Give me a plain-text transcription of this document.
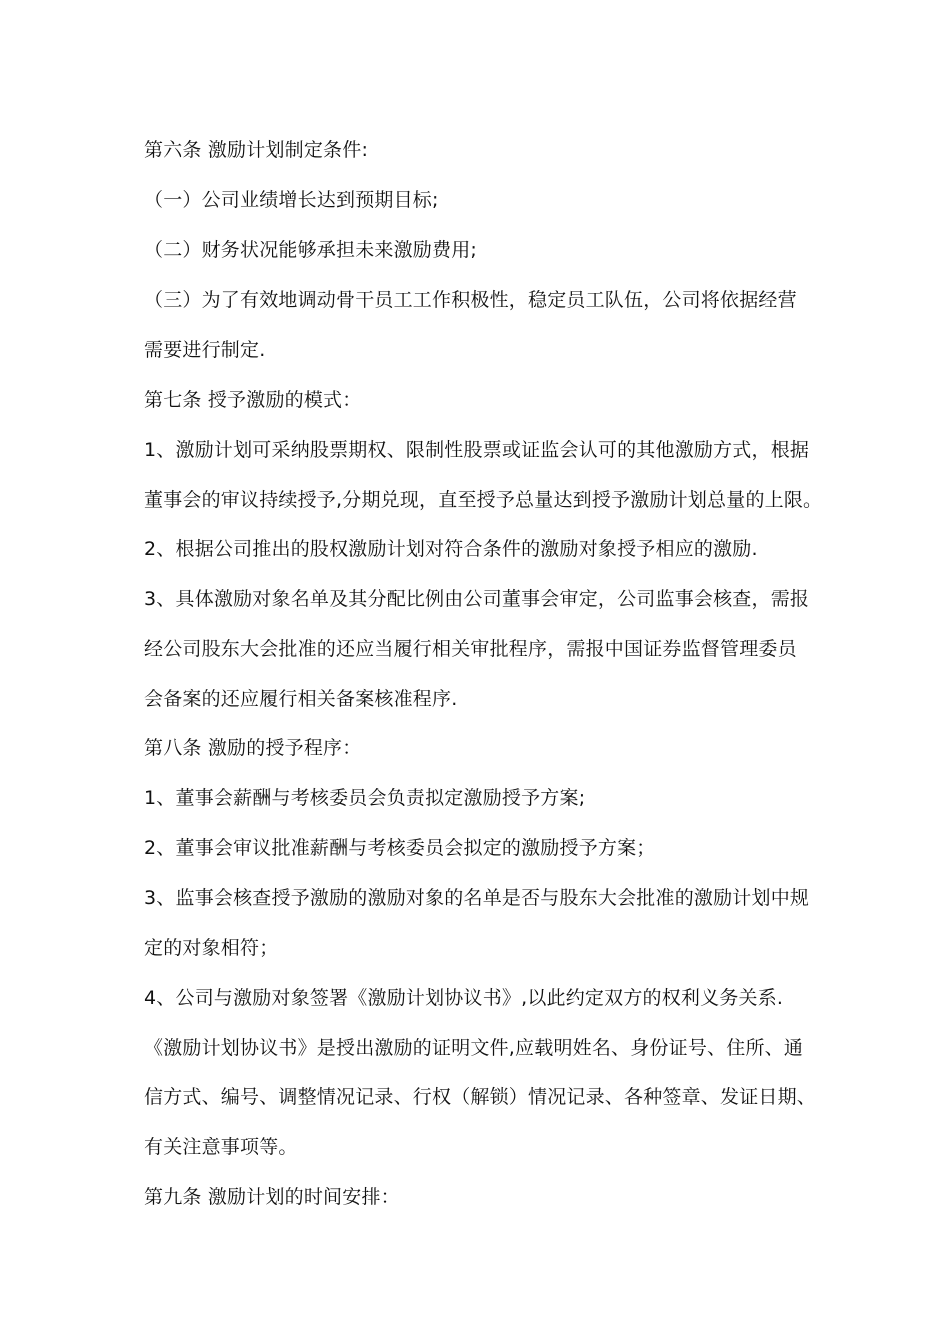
第六条 激励计划制定条件:
（一）公司业绩增长达到预期目标;
（二）财务状况能够承担未来激励费用;
（三）为了有效地调动骨干员工工作积极性，稳定员工队伍，公司将依据经营
需要进行制定.
第七条 授予激励的模式：
1、激励计划可采纳股票期权、限制性股票或证监会认可的其他激励方式，根据
董事会的审议持续授予,分期兑现，直至授予总量达到授予激励计划总量的上限。
2、根据公司推出的股权激励计划对符合条件的激励对象授予相应的激励.
3、具体激励对象名单及其分配比例由公司董事会审定，公司监事会核查，需报
经公司股东大会批准的还应当履行相关审批程序，需报中国证券监督管理委员
会备案的还应履行相关备案核准程序.
第八条 激励的授予程序：
1、董事会薪酬与考核委员会负责拟定激励授予方案;
2、董事会审议批准薪酬与考核委员会拟定的激励授予方案；
3、监事会核查授予激励的激励对象的名单是否与股东大会批准的激励计划中规
定的对象相符；
4、公司与激励对象签署《激励计划协议书》,以此约定双方的权利义务关系.
《激励计划协议书》是授出激励的证明文件,应载明姓名、身份证号、住所、通
信方式、编号、调整情况记录、行权（解锁）情况记录、各种签章、发证日期、
有关注意事项等。
第九条 激励计划的时间安排：
